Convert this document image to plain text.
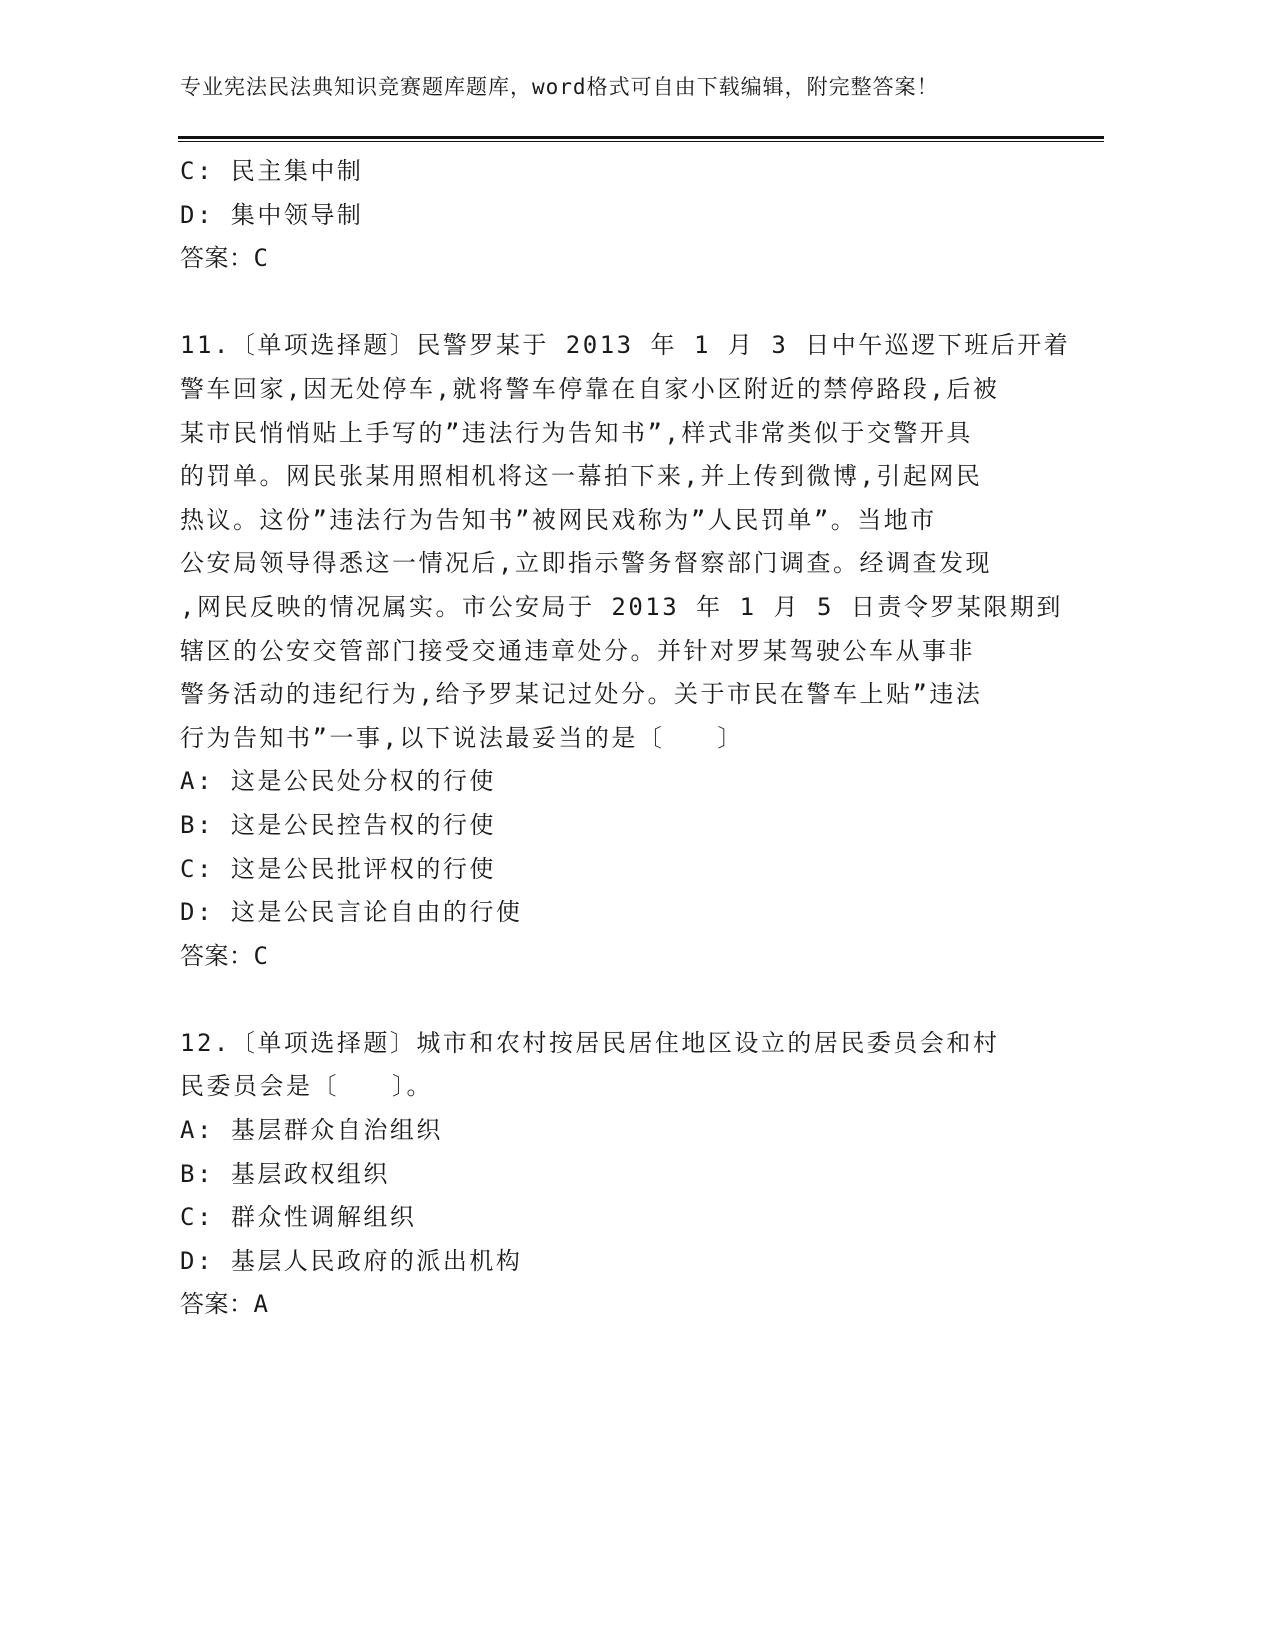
专业宪法民法典知识竞赛题库题库，word格式可自由下载编辑，附完整答案！
C: 民主集中制
D: 集中领导制
答案：C
11.〔单项选择题〕民警罗某于 2013 年 1 月 3 日中午巡逻下班后开着
警车回家,因无处停车,就将警车停靠在自家小区附近的禁停路段,后被
某市民悄悄贴上手写的”违法行为告知书”,样式非常类似于交警开具
的罚单。网民张某用照相机将这一幕拍下来,并上传到微博,引起网民
热议。这份”违法行为告知书”被网民戏称为”人民罚单”。当地市
公安局领导得悉这一情况后,立即指示警务督察部门调查。经调查发现
,网民反映的情况属实。市公安局于 2013 年 1 月 5 日责令罗某限期到
辖区的公安交管部门接受交通违章处分。并针对罗某驾驶公车从事非
警务活动的违纪行为,给予罗某记过处分。关于市民在警车上贴”违法
行为告知书”一事,以下说法最妥当的是〔　　〕
A: 这是公民处分权的行使
B: 这是公民控告权的行使
C: 这是公民批评权的行使
D: 这是公民言论自由的行使
答案：C
12.〔单项选择题〕城市和农村按居民居住地区设立的居民委员会和村
民委员会是〔　　〕。
A: 基层群众自治组织
B: 基层政权组织
C: 群众性调解组织
D: 基层人民政府的派出机构
答案：A
